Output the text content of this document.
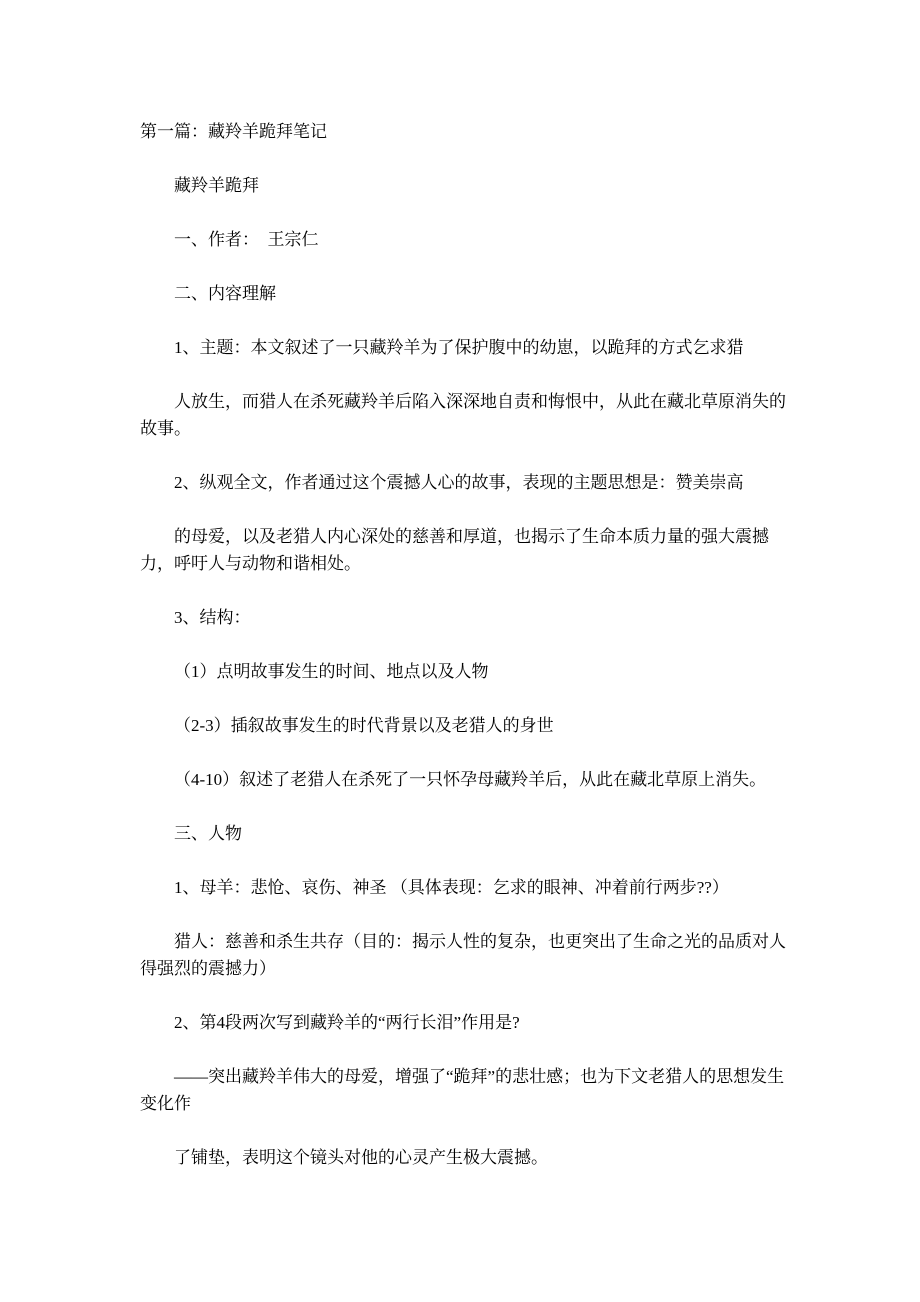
第一篇：藏羚羊跪拜笔记

藏羚羊跪拜

一、作者：　王宗仁

二、内容理解

1、主题：本文叙述了一只藏羚羊为了保护腹中的幼崽，以跪拜的方式乞求猎

人放生，而猎人在杀死藏羚羊后陷入深深地自责和悔恨中，从此在藏北草原消失的故事。

2、纵观全文，作者通过这个震撼人心的故事，表现的主题思想是：赞美崇高

的母爱，以及老猎人内心深处的慈善和厚道，也揭示了生命本质力量的强大震撼力，呼吁人与动物和谐相处。

3、结构：

（1）点明故事发生的时间、地点以及人物

（2-3）插叙故事发生的时代背景以及老猎人的身世

（4-10）叙述了老猎人在杀死了一只怀孕母藏羚羊后，从此在藏北草原上消失。

三、人物

1、母羊：悲怆、哀伤、神圣 （具体表现：乞求的眼神、冲着前行两步??）

猎人：慈善和杀生共存（目的：揭示人性的复杂，也更突出了生命之光的品质对人得强烈的震撼力）

2、第4段两次写到藏羚羊的“两行长泪”作用是?

——突出藏羚羊伟大的母爱，增强了“跪拜”的悲壮感；也为下文老猎人的思想发生变化作

了铺垫，表明这个镜头对他的心灵产生极大震撼。
